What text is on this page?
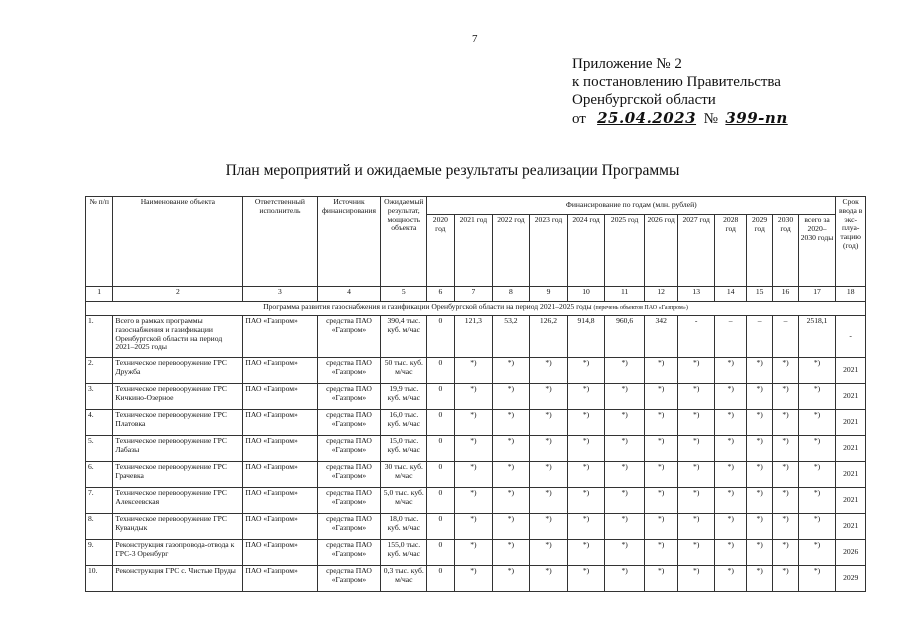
7
Приложение № 2
к постановлению Правительства
Оренбургской области
от 25.04.2023 № 399-пп
План мероприятий и ожидаемые результаты реализации Программы
№ п/п	Наименование объекта	Ответственный исполнитель	Источник финансирования	Ожидаемый результат, мощность объекта	Финансирование по годам (млн. рублей)												Срок ввода в экс-плуа-тацию (год)
					2020 год	2021 год	2022 год	2023 год	2024 год	2025 год	2026 год	2027 год	2028 год	2029 год	2030 год	всего за 2020–2030 годы	
1	2	3	4	5	6	7	8	9	10	11	12	13	14	15	16	17	18
Программа развития газоснабжения и газификации Оренбургской области на период 2021–2025 годы (перечень объектов ПАО «Газпром»)																	
1.	Всего в рамках программы газоснабжения и газификации Оренбургской области на период 2021–2025 годы	ПАО «Газпром»	средства ПАО «Газпром»	390,4 тыс. куб. м/час	0	121,3	53,2	126,2	914,8	960,6	342	-	–	–	–	2518,1	-
2.	Техническое перевооружение ГРС Дружба	ПАО «Газпром»	средства ПАО «Газпром»	50 тыс. куб. м/час	0	*)	*)	*)	*)	*)	*)	*)	*)	*)	*)	*)	2021
3.	Техническое перевооружение ГРС Кичкино-Озерное	ПАО «Газпром»	средства ПАО «Газпром»	19,9 тыс. куб. м/час	0	*)	*)	*)	*)	*)	*)	*)	*)	*)	*)	*)	2021
4.	Техническое перевооружение ГРС Платовка	ПАО «Газпром»	средства ПАО «Газпром»	16,0 тыс. куб. м/час	0	*)	*)	*)	*)	*)	*)	*)	*)	*)	*)	*)	2021
5.	Техническое перевооружение ГРС Лабазы	ПАО «Газпром»	средства ПАО «Газпром»	15,0 тыс. куб. м/час	0	*)	*)	*)	*)	*)	*)	*)	*)	*)	*)	*)	2021
6.	Техническое перевооружение ГРС Грачевка	ПАО «Газпром»	средства ПАО «Газпром»	30 тыс. куб. м/час	0	*)	*)	*)	*)	*)	*)	*)	*)	*)	*)	*)	2021
7.	Техническое перевооружение ГРС Алексеевская	ПАО «Газпром»	средства ПАО «Газпром»	5,0 тыс. куб. м/час	0	*)	*)	*)	*)	*)	*)	*)	*)	*)	*)	*)	2021
8.	Техническое перевооружение ГРС Кувандык	ПАО «Газпром»	средства ПАО «Газпром»	18,0 тыс. куб. м/час	0	*)	*)	*)	*)	*)	*)	*)	*)	*)	*)	*)	2021
9.	Реконструкция газопровода-отвода к ГРС-3 Оренбург	ПАО «Газпром»	средства ПАО «Газпром»	155,0 тыс. куб. м/час	0	*)	*)	*)	*)	*)	*)	*)	*)	*)	*)	*)	2026
10.	Реконструкция ГРС с. Чистые Пруды	ПАО «Газпром»	средства ПАО «Газпром»	0,3 тыс. куб. м/час	0	*)	*)	*)	*)	*)	*)	*)	*)	*)	*)	*)	2029
